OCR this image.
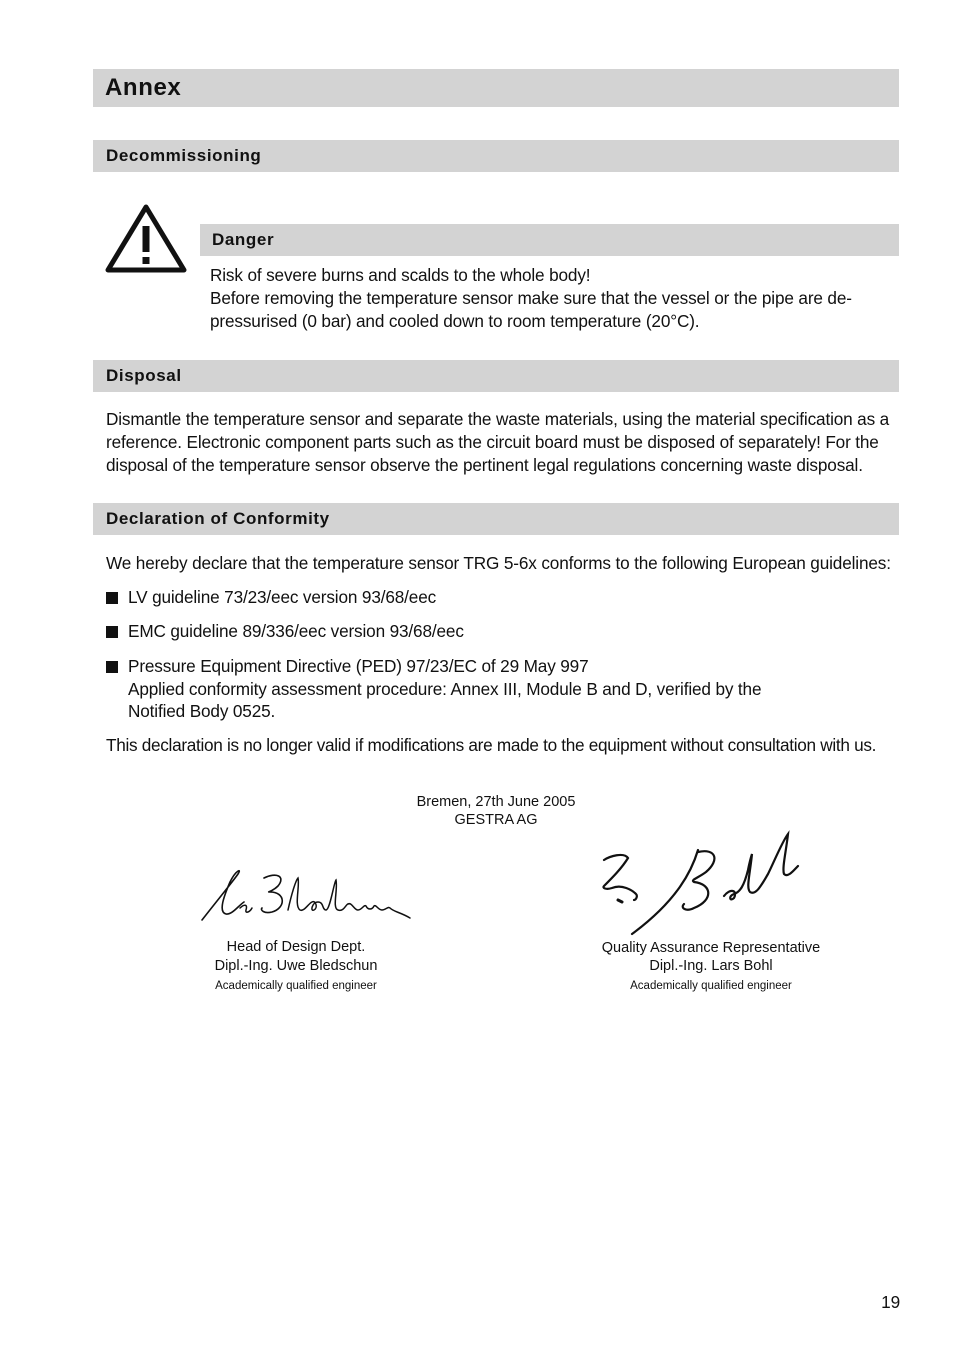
Annex
Decommissioning
Danger
Risk of severe burns and scalds to the whole body!
Before removing the temperature sensor make sure that the vessel or the pipe are de-
pressurised (0 bar) and cooled down to room temperature (20°C).
Disposal
Dismantle the temperature sensor and separate the waste materials, using the material specification as a
reference. Electronic component parts such as the circuit board must be disposed of separately! For the
disposal of the temperature sensor observe the pertinent legal regulations concerning waste disposal.
Declaration of Conformity
We hereby declare that the temperature sensor TRG 5-6x conforms to the following European guidelines:
LV guideline 73/23/eec version 93/68/eec
EMC guideline 89/336/eec version 93/68/eec
Pressure Equipment Directive (PED) 97/23/EC of 29 May 997
Applied conformity assessment procedure: Annex III, Module B and D, verified by the
Notified Body 0525.
This declaration is no longer valid if modifications are made to the equipment without consultation with us.
Bremen, 27th June 2005
GESTRA AG
Head of Design Dept.
Dipl.-Ing. Uwe Bledschun
Academically qualified engineer
Quality Assurance Representative
Dipl.-Ing. Lars Bohl
Academically qualified engineer
19
